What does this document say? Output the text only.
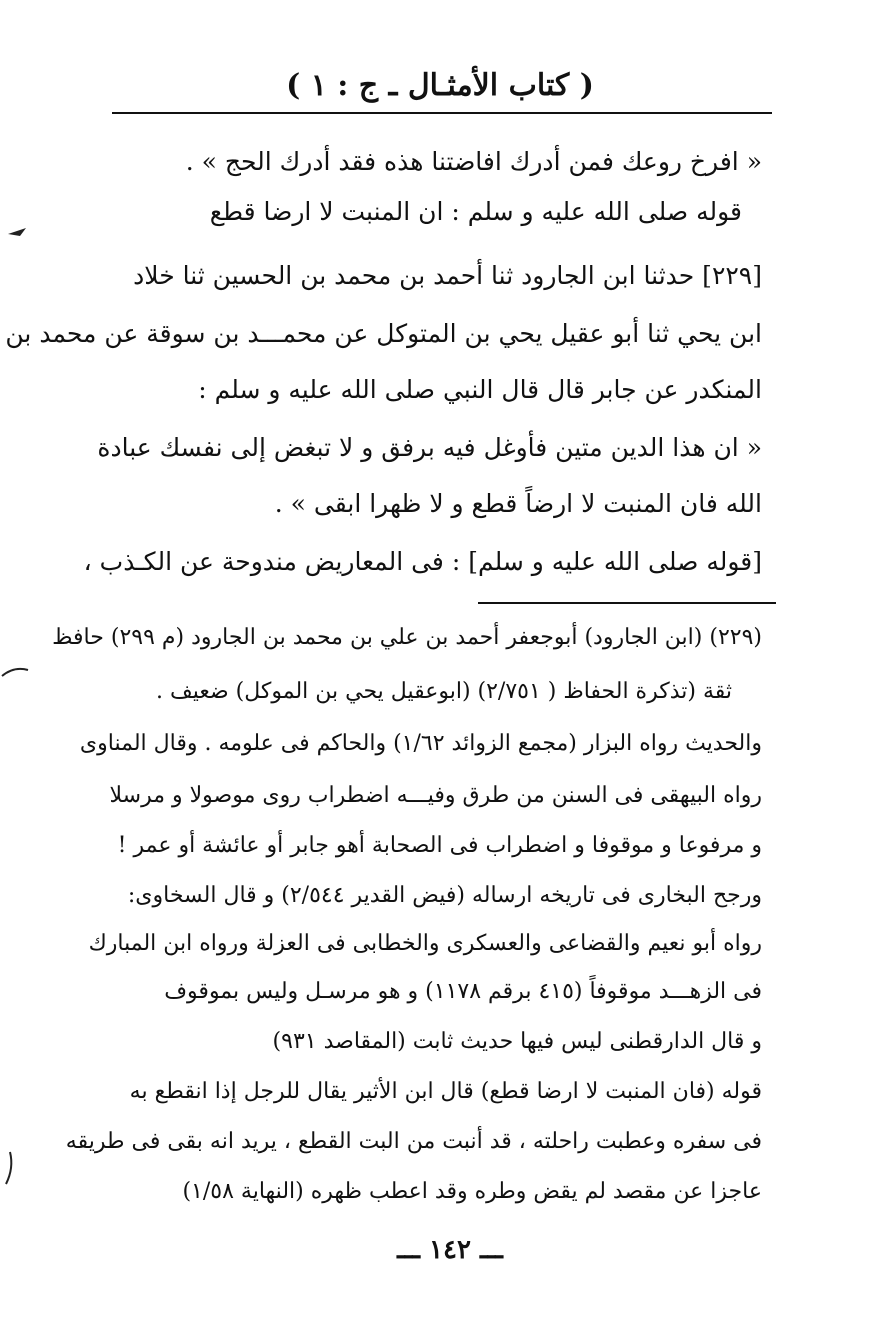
( كتاب الأمثـال ـ ج : ١ )
« افرخ روعك فمن أدرك افاضتنا هذه فقد أدرك الحج » .
قوله صلى الله عليه و سلم : ان المنبت لا ارضا قطع
[٢٢٩] حدثنا ابن الجارود ثنا أحمد بن محمد بن الحسين ثنا خلاد
ابن يحي ثنا أبو عقيل يحي بن المتوكل عن محمـــد بن سوقة عن محمد بن
المنكدر عن جابر قال قال النبي صلى الله عليه و سلم :
« ان هذا الدين متين فأوغل فيه برفق و لا تبغض إلى نفسك عبادة
الله فان المنبت لا ارضاً قطع و لا ظهرا ابقى » .
[قوله صلى الله عليه و سلم] : فى المعاريض مندوحة عن الكـذب ،
(٢٢٩) (ابن الجارود) أبوجعفر أحمد بن علي بن محمد بن الجارود (م ٢٩٩) حافظ
ثقة (تذكرة الحفاظ ( ٢/٧٥١) (ابوعقيل يحي بن الموكل) ضعيف .
والحديث رواه البزار (مجمع الزوائد ١/٦٢) والحاكم فى علومه . وقال المناوى
رواه البيهقى فى السنن من طرق وفيـــه اضطراب روى موصولا و مرسلا
و مرفوعا و موقوفا و اضطراب فى الصحابة أهو جابر أو عائشة أو عمر !
ورجح البخارى فى تاريخه ارساله (فيض القدير ٢/٥٤٤) و قال السخاوى:
رواه أبو نعيم والقضاعى والعسكرى والخطابى فى العزلة ورواه ابن المبارك
فى الزهـــد موقوفاً (٤١٥ برقم ١١٧٨) و هو مرسـل وليس بموقوف
و قال الدارقطنى ليس فيها حديث ثابت (المقاصد ٩٣١)
قوله (فان المنبت لا ارضا قطع) قال ابن الأثير يقال للرجل إذا انقطع به
فى سفره وعطبت راحلته ، قد أنبت من البت القطع ، يريد انه بقى فى طريقه
عاجزا عن مقصد لم يقض وطره وقد اعطب ظهره (النهاية ١/٥٨)
ـــ ١٤٢ ـــ
